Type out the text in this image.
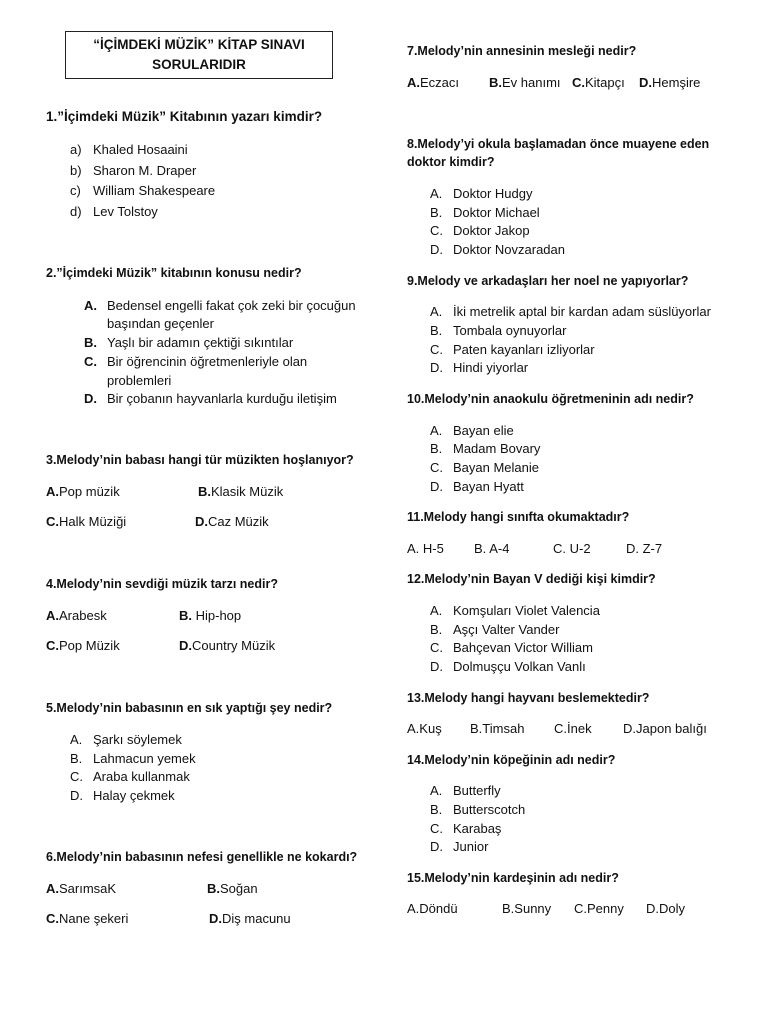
“İÇİMDEKİ MÜZİK” KİTAP SINAVI
SORULARIDIR
1.”İçimdeki Müzik” Kitabının yazarı kimdir?
a) Khaled Hosaaini
b) Sharon M. Draper
c) William Shakespeare
d) Lev Tolstoy
2.”İçimdeki Müzik” kitabının konusu nedir?
A. Bedensel engelli fakat çok zeki bir çocuğun
başından geçenler
B. Yaşlı bir adamın çektiği sıkıntılar
C. Bir öğrencinin öğretmenleriyle olan
problemleri
D. Bir çobanın hayvanlarla kurduğu iletişim
3.Melody’nin babası hangi tür müzikten hoşlanıyor?
A.Pop müzik	B.Klasik Müzik
C.Halk Müziği	D.Caz Müzik
4.Melody’nin sevdiği müzik tarzı nedir?
A.Arabesk	B. Hip-hop
C.Pop Müzik	D.Country Müzik
5.Melody’nin babasının en sık yaptığı şey nedir?
A. Şarkı söylemek
B. Lahmacun yemek
C. Araba kullanmak
D. Halay çekmek
6.Melody’nin babasının nefesi genellikle ne kokardı?
A.SarımsaK	B.Soğan
C.Nane şekeri	D.Diş macunu
7.Melody’nin annesinin mesleği nedir?
A.Eczacı B.Ev hanımı C.Kitapçı D.Hemşire
8.Melody’yi okula başlamadan önce muayene eden
doktor kimdir?
A. Doktor Hudgy
B. Doktor Michael
C. Doktor Jakop
D. Doktor Novzaradan
9.Melody ve arkadaşları her noel ne yapıyorlar?
A. İki metrelik aptal bir kardan adam süslüyorlar
B. Tombala oynuyorlar
C. Paten kayanları izliyorlar
D. Hindi yiyorlar
10.Melody’nin anaokulu öğretmeninin adı nedir?
A. Bayan elie
B. Madam Bovary
C. Bayan Melanie
D. Bayan Hyatt
11.Melody hangi sınıfta okumaktadır?
A. H-5 B. A-4	C. U-2	D. Z-7
12.Melody’nin Bayan V dediği kişi kimdir?
A. Komşuları Violet Valencia
B. Aşçı Valter Vander
C. Bahçevan Victor William
D. Dolmuşçu Volkan Vanlı
13.Melody hangi hayvanı beslemektedir?
A.Kuş B.Timsah C.İnek D.Japon balığı
14.Melody’nin köpeğinin adı nedir?
A. Butterfly
B. Butterscotch
C. Karabaş
D. Junior
15.Melody’nin kardeşinin adı nedir?
A.Döndü	B.Sunny C.Penny D.Doly
